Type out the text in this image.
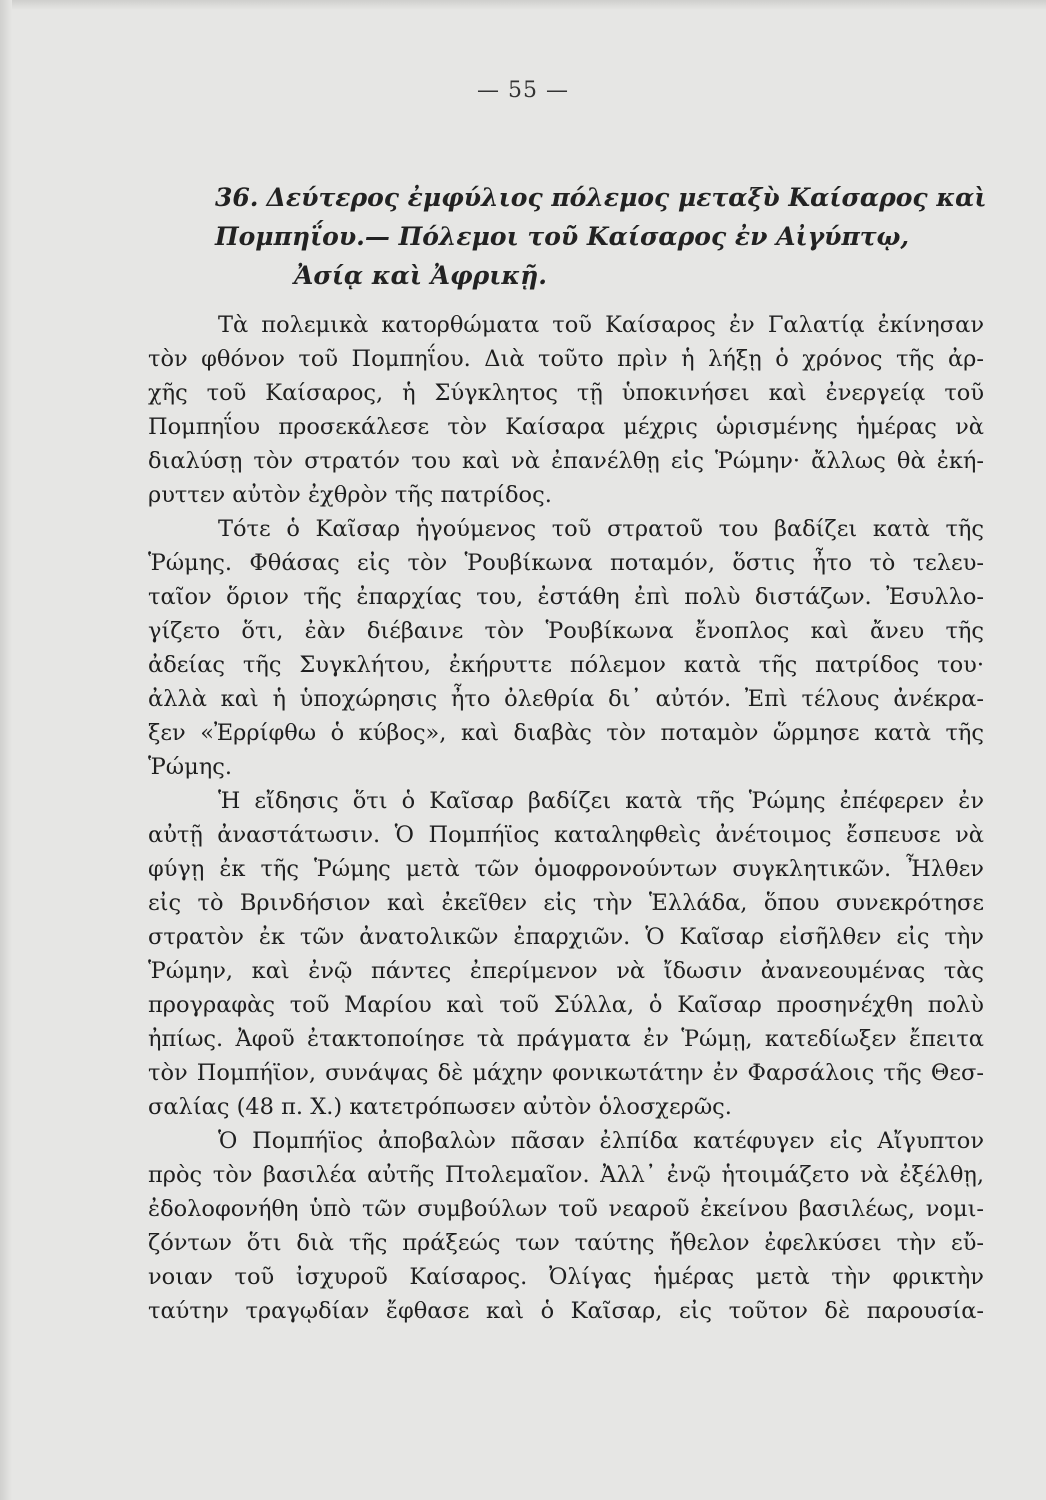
— 55 —
36. Δεύτερος ἐμφύλιος πόλεμος μεταξὺ Καίσαρος καὶ
Πομπηΐου.— Πόλεμοι τοῦ Καίσαρος ἐν Αἰγύπτῳ,
Ἀσίᾳ καὶ Ἀφρικῇ.
Τὰ πολεμικὰ κατορθώματα τοῦ Καίσαρος ἐν Γαλατίᾳ ἐκίνησαν
τὸν φθόνον τοῦ Πομπηΐου. Διὰ τοῦτο πρὶν ἡ λήξῃ ὁ χρόνος τῆς ἀρ-
χῆς τοῦ Καίσαρος, ἡ Σύγκλητος τῇ ὑποκινήσει καὶ ἐνεργείᾳ τοῦ
Πομπηΐου προσεκάλεσε τὸν Καίσαρα μέχρις ὡρισμένης ἡμέρας νὰ
διαλύσῃ τὸν στρατόν του καὶ νὰ ἐπανέλθῃ εἰς Ῥώμην· ἄλλως θὰ ἐκή-
ρυττεν αὐτὸν ἐχθρὸν τῆς πατρίδος.
Τότε ὁ Καῖσαρ ἡγούμενος τοῦ στρατοῦ του βαδίζει κατὰ τῆς
Ῥώμης. Φθάσας εἰς τὸν Ῥουβίκωνα ποταμόν, ὅστις ἦτο τὸ τελευ-
ταῖον ὅριον τῆς ἐπαρχίας του, ἐστάθη ἐπὶ πολὺ διστάζων. Ἐσυλλο-
γίζετο ὅτι, ἐὰν διέβαινε τὸν Ῥουβίκωνα ἔνοπλος καὶ ἄνευ τῆς
ἀδείας τῆς Συγκλήτου, ἐκήρυττε πόλεμον κατὰ τῆς πατρίδος του·
ἀλλὰ καὶ ἡ ὑποχώρησις ἦτο ὀλεθρία δι᾿ αὐτόν. Ἐπὶ τέλους ἀνέκρα-
ξεν «Ἐρρίφθω ὁ κύβος», καὶ διαβὰς τὸν ποταμὸν ὥρμησε κατὰ τῆς
Ῥώμης.
Ἡ εἴδησις ὅτι ὁ Καῖσαρ βαδίζει κατὰ τῆς Ῥώμης ἐπέφερεν ἐν
αὐτῇ ἀναστάτωσιν. Ὁ Πομπήϊος καταληφθεὶς ἀνέτοιμος ἔσπευσε νὰ
φύγῃ ἐκ τῆς Ῥώμης μετὰ τῶν ὁμοφρονούντων συγκλητικῶν. Ἦλθεν
εἰς τὸ Βρινδήσιον καὶ ἐκεῖθεν εἰς τὴν Ἑλλάδα, ὅπου συνεκρότησε
στρατὸν ἐκ τῶν ἀνατολικῶν ἐπαρχιῶν. Ὁ Καῖσαρ εἰσῆλθεν εἰς τὴν
Ῥώμην, καὶ ἐνῷ πάντες ἐπερίμενον νὰ ἴδωσιν ἀνανεουμένας τὰς
προγραφὰς τοῦ Μαρίου καὶ τοῦ Σύλλα, ὁ Καῖσαρ προσηνέχθη πολὺ
ἠπίως. Ἀφοῦ ἐτακτοποίησε τὰ πράγματα ἐν Ῥώμῃ, κατεδίωξεν ἔπειτα
τὸν Πομπήϊον, συνάψας δὲ μάχην φονικωτάτην ἐν Φαρσάλοις τῆς Θεσ-
σαλίας (48 π. Χ.) κατετρόπωσεν αὐτὸν ὁλοσχερῶς.
Ὁ Πομπήϊος ἀποβαλὼν πᾶσαν ἐλπίδα κατέφυγεν εἰς Αἴγυπτον
πρὸς τὸν βασιλέα αὐτῆς Πτολεμαῖον. Ἀλλ᾿ ἐνῷ ἡτοιμάζετο νὰ ἐξέλθῃ,
ἐδολοφονήθη ὑπὸ τῶν συμβούλων τοῦ νεαροῦ ἐκείνου βασιλέως, νομι-
ζόντων ὅτι διὰ τῆς πράξεώς των ταύτης ἤθελον ἐφελκύσει τὴν εὔ-
νοιαν τοῦ ἰσχυροῦ Καίσαρος. Ὀλίγας ἡμέρας μετὰ τὴν φρικτὴν
ταύτην τραγῳδίαν ἔφθασε καὶ ὁ Καῖσαρ, εἰς τοῦτον δὲ παρουσία-
